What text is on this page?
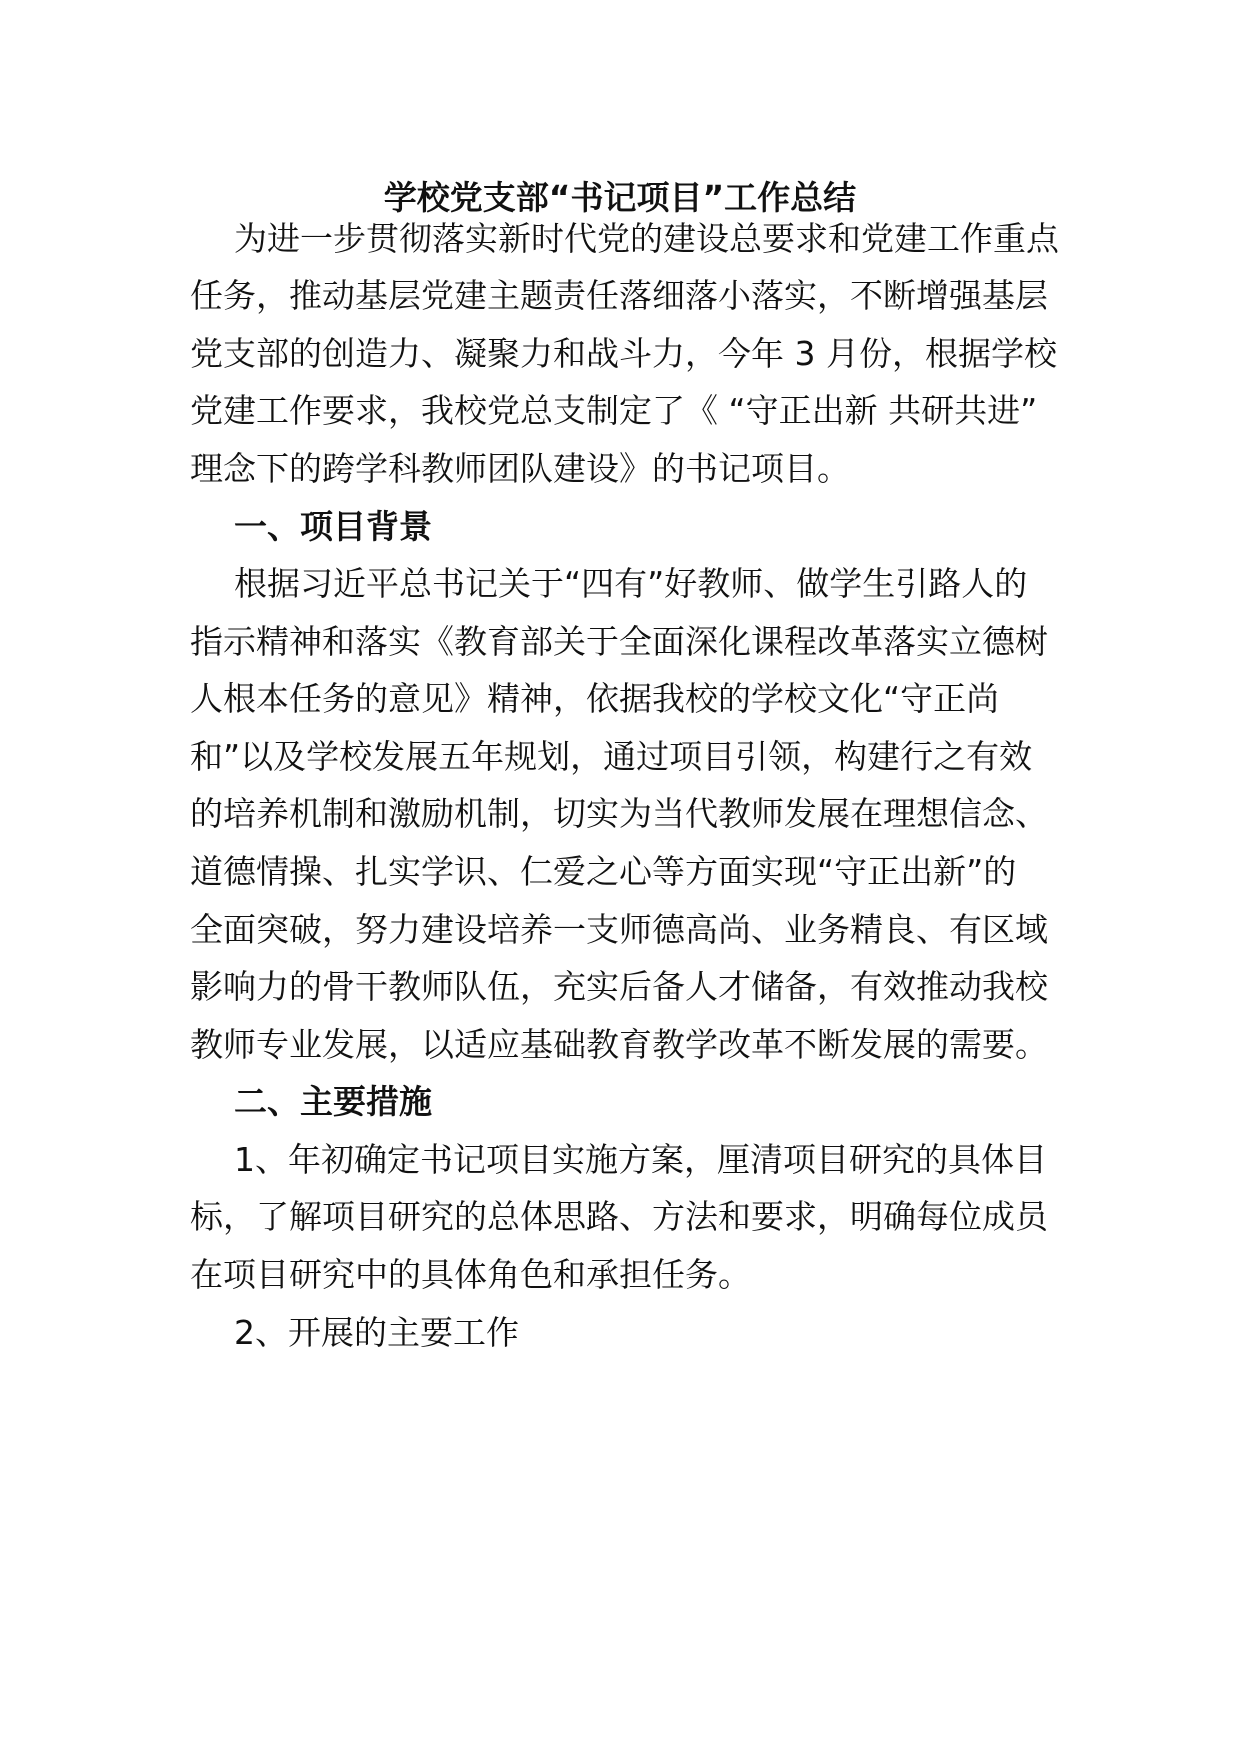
学校党支部“书记项目”工作总结
为进一步贯彻落实新时代党的建设总要求和党建工作重点
任务，推动基层党建主题责任落细落小落实，不断增强基层
党支部的创造力、凝聚力和战斗力，今年 3 月份，根据学校
党建工作要求，我校党总支制定了《 “守正出新 共研共进”
理念下的跨学科教师团队建设》的书记项目。
一、项目背景
根据习近平总书记关于“四有”好教师、做学生引路人的
指示精神和落实《教育部关于全面深化课程改革落实立德树
人根本任务的意见》精神，依据我校的学校文化“守正尚
和”以及学校发展五年规划，通过项目引领，构建行之有效
的培养机制和激励机制，切实为当代教师发展在理想信念、
道德情操、扎实学识、仁爱之心等方面实现“守正出新”的
全面突破，努力建设培养一支师德高尚、业务精良、有区域
影响力的骨干教师队伍，充实后备人才储备，有效推动我校
教师专业发展，以适应基础教育教学改革不断发展的需要。
二、主要措施
1、年初确定书记项目实施方案，厘清项目研究的具体目
标，了解项目研究的总体思路、方法和要求，明确每位成员
在项目研究中的具体角色和承担任务。
2、开展的主要工作
